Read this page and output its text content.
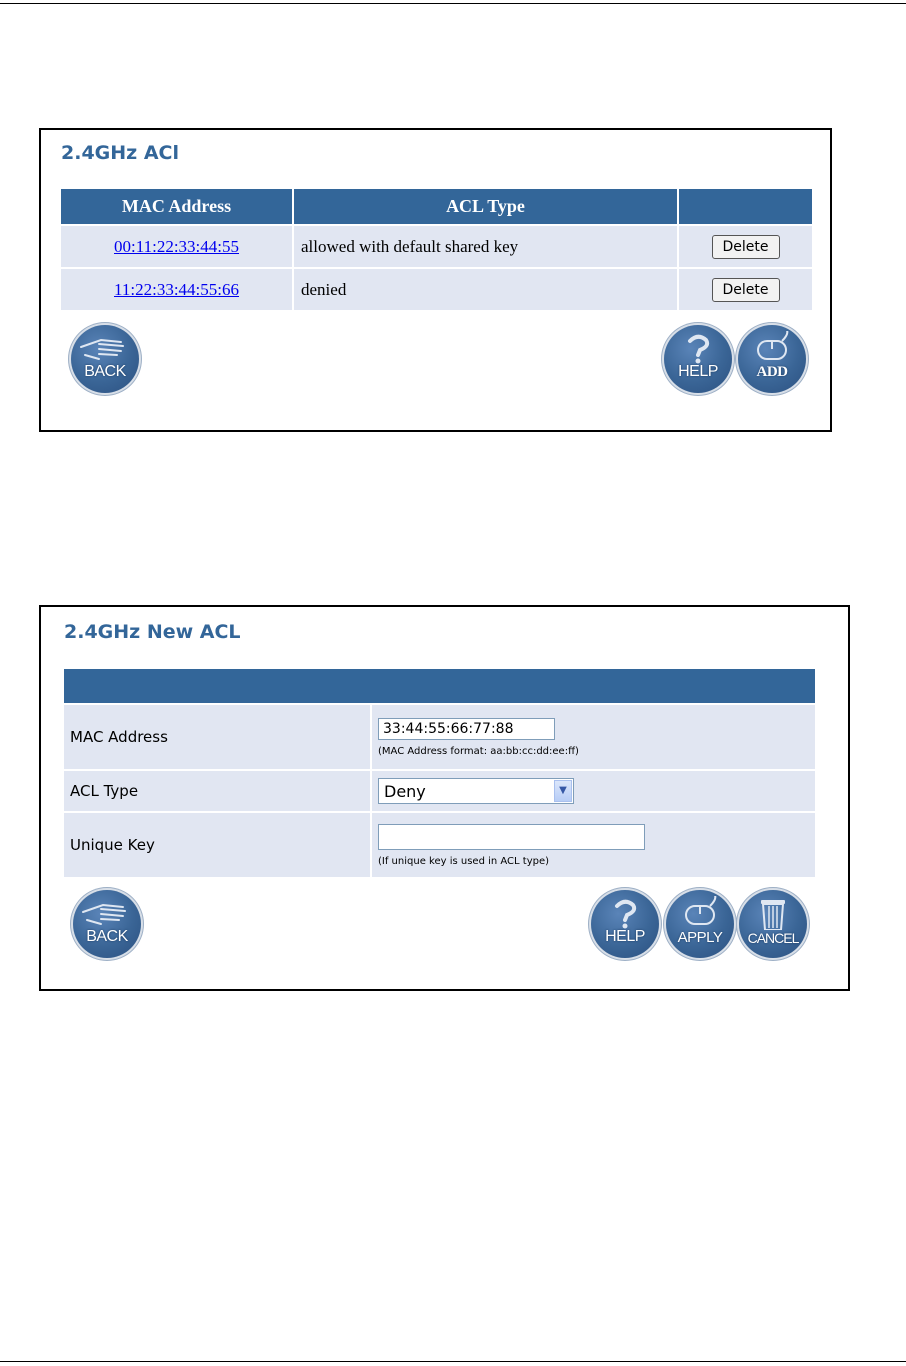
2.4GHz ACl
MAC Address	ACL Type	
00:11:22:33:44:55	allowed with default shared key	Delete
11:22:33:44:55:66	denied	Delete
BACK	HELP	ADD
2.4GHz New ACL

MAC Address	33:44:55:66:77:88
(MAC Address format: aa:bb:cc:dd:ee:ff)

ACL Type	Deny ▼

Unique Key	(If unique key is used in ACL type)
BACK	HELP	APPLY	CANCEL
